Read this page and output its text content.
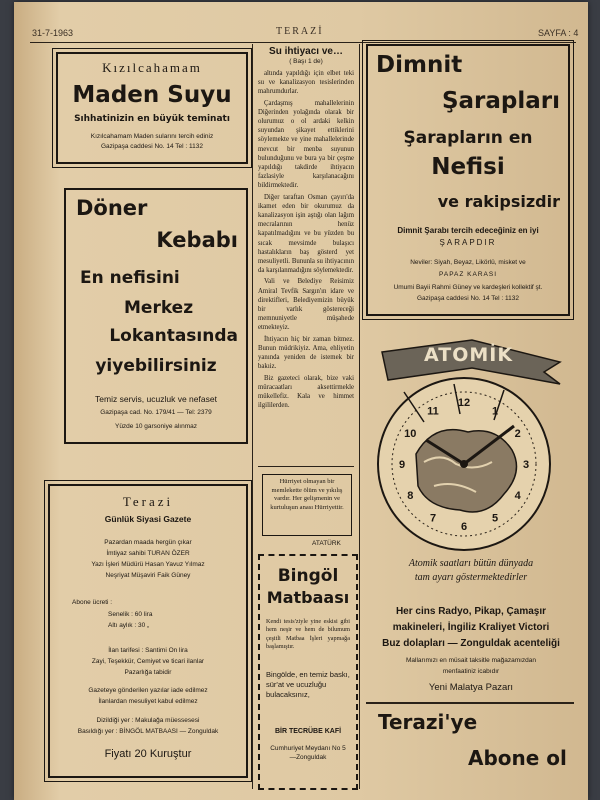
31-7-1963	TERAZİ	SAYFA : 4
Kızılcahamam
Maden Suyu
Sıhhatinizin en büyük teminatı
Kızılcahamam Maden sularını tercih ediniz
Gazipaşa caddesi No. 14 Tel : 1132
Döner
Kebabı
En nefisini
Merkez
Lokantasında
yiyebilirsiniz
Temiz servis, ucuzluk ve nefaset
Gazipaşa cad. No. 179/41 — Tel: 2379
Yüzde 10 garsoniye alınmaz
Terazi
Günlük Siyasi Gazete
Pazardan maada hergün çıkar
İmtiyaz sahibi TURAN ÖZER
Yazı İşleri Müdürü Hasan Yavuz Yılmaz
Neşriyat Müşaviri Faik Güney
Abone ücreti :
Senelik : 60 lira
Altı aylık : 30 „
İlan tarifesi : Santimi On lira
Zayi, Teşekkür, Cemiyet ve ticari ilanlar
Pazarlığa tabidir
Gazeteye gönderilen yazılar iade edilmez
İlanlardan mesuliyet kabul edilmez
Dizildiği yer : Makulağa müessesesi
Basıldığı yer : BİNGÖL MATBAASI — Zonguldak
Fiyatı 20 Kuruştur
Su ihtiyacı ve…
( Başı 1 de)

altında yapıldığı için elbet teki su ve kanalizasyon tesislerinden mahrumdurlar.

Çardaşmış mahallelerinin Diğerinden yolağında olarak bir olurumuz o ol ardaki kelkin suyundan şikayet ettiklerini söylemekte ve yine mahallelerinde mevcut bir menba suyunun bulunduğunu ve bura ya bir çeşme yapıldığı takdirde ihtiyacın fazlasiyle karşılanacağını bildirmektedir.

Diğer taraftan Osman çayırı'da ikamet eden bir okurumuz da kanalizasyon işin aştığı olan lağım mecralarının henüz kapatılmadığını ve bu yüzden bu sıcak mevsimde bulaşıcı hastalıkların baş gösterd yet mesuliyetli. Bununla su ihtiyacının da karşılanmadığını söylemektedir.

Vali ve Belediye Reisimiz Amiral Tevfik Sargın'ın idare ve direktifleri, Belediyemizin büyük bir varlık göstereceği memnuniyetle müşahede etmekteyiz.

İhtiyacın hiç bir zaman bitmez. Bunun müdrikiyiz. Ama, ehliyetin yanında yeniden de istemek bir bakıiz.

Biz gazeteci olarak, bize vaki müracaatları aksettirmekle mükellefiz. Kala ve himmet ilgililerden.

Hürriyet olmayan bir memlekette ölüm ve yıkılış vardır. Her gelişmenin ve kurtuluşun anası Hürriyettir.
ATATÜRK
Bingöl
Matbaası
Kendi tesis'ziyle yine eskisi gibi hem neşir ve hem de bilumum çeşitli Matbaa İşleri yapmağa başlamıştır.
Bingölde, en temiz baskı, sür'at ve ucuzluğu bulacaksınız,
BİR TECRÜBE KAFİ
Cumhuriyet Meydanı No 5—Zonguldak
Dimnit
Şarapları
Şarapların en
Nefisi
ve rakipsizdir
Dimnit Şarabı tercih edeceğiniz en iyi
ŞARAPDIR
Neviler: Siyah, Beyaz, Likörlü, misket ve
PAPAZ KARASI
Umumi Bayii Rahmi Güney ve kardeşleri kollektif şt.
Gazipaşa caddesi No. 14 Tel : 1132
12
1
2
3
4
5
6
7
8
9
10
11
ATOMİK
Atomik saatları bütün dünyada
tam ayarı göstermektedirler
Her cins Radyo, Pikap, Çamaşır
makineleri, İngiliz Kraliyet Victori
Buz dolapları — Zonguldak acenteliği
Mallarımızı en müsait taksitle mağazamızdan
menfaatiniz icabıdır
Yeni Malatya Pazarı
Terazi'ye
Abone ol
